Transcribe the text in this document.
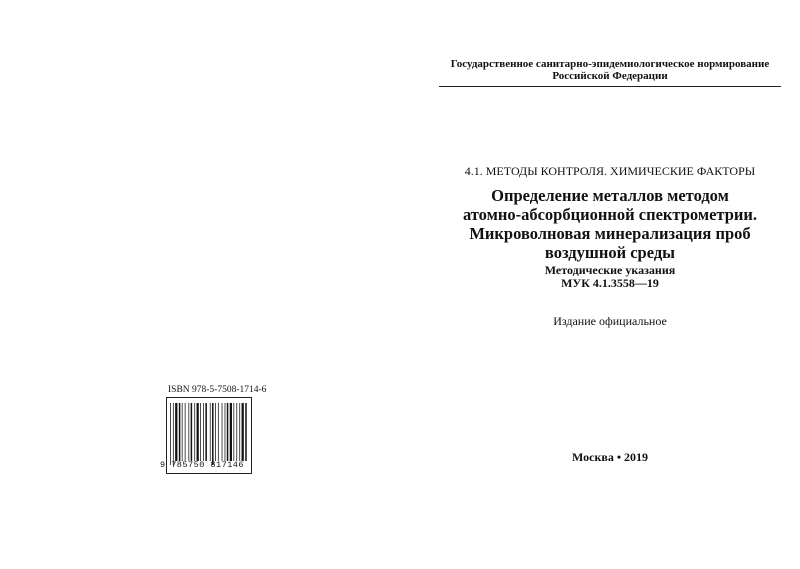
ISBN 978-5-7508-1714-6
9 785750 817146
Государственное санитарно-эпидемиологическое нормирование
Российской Федерации
4.1. МЕТОДЫ КОНТРОЛЯ. ХИМИЧЕСКИЕ ФАКТОРЫ
Определение металлов методом
атомно-абсорбционной спектрометрии.
Микроволновая минерализация проб
воздушной среды
Методические указания
МУК 4.1.3558—19
Издание официальное
Москва • 2019
